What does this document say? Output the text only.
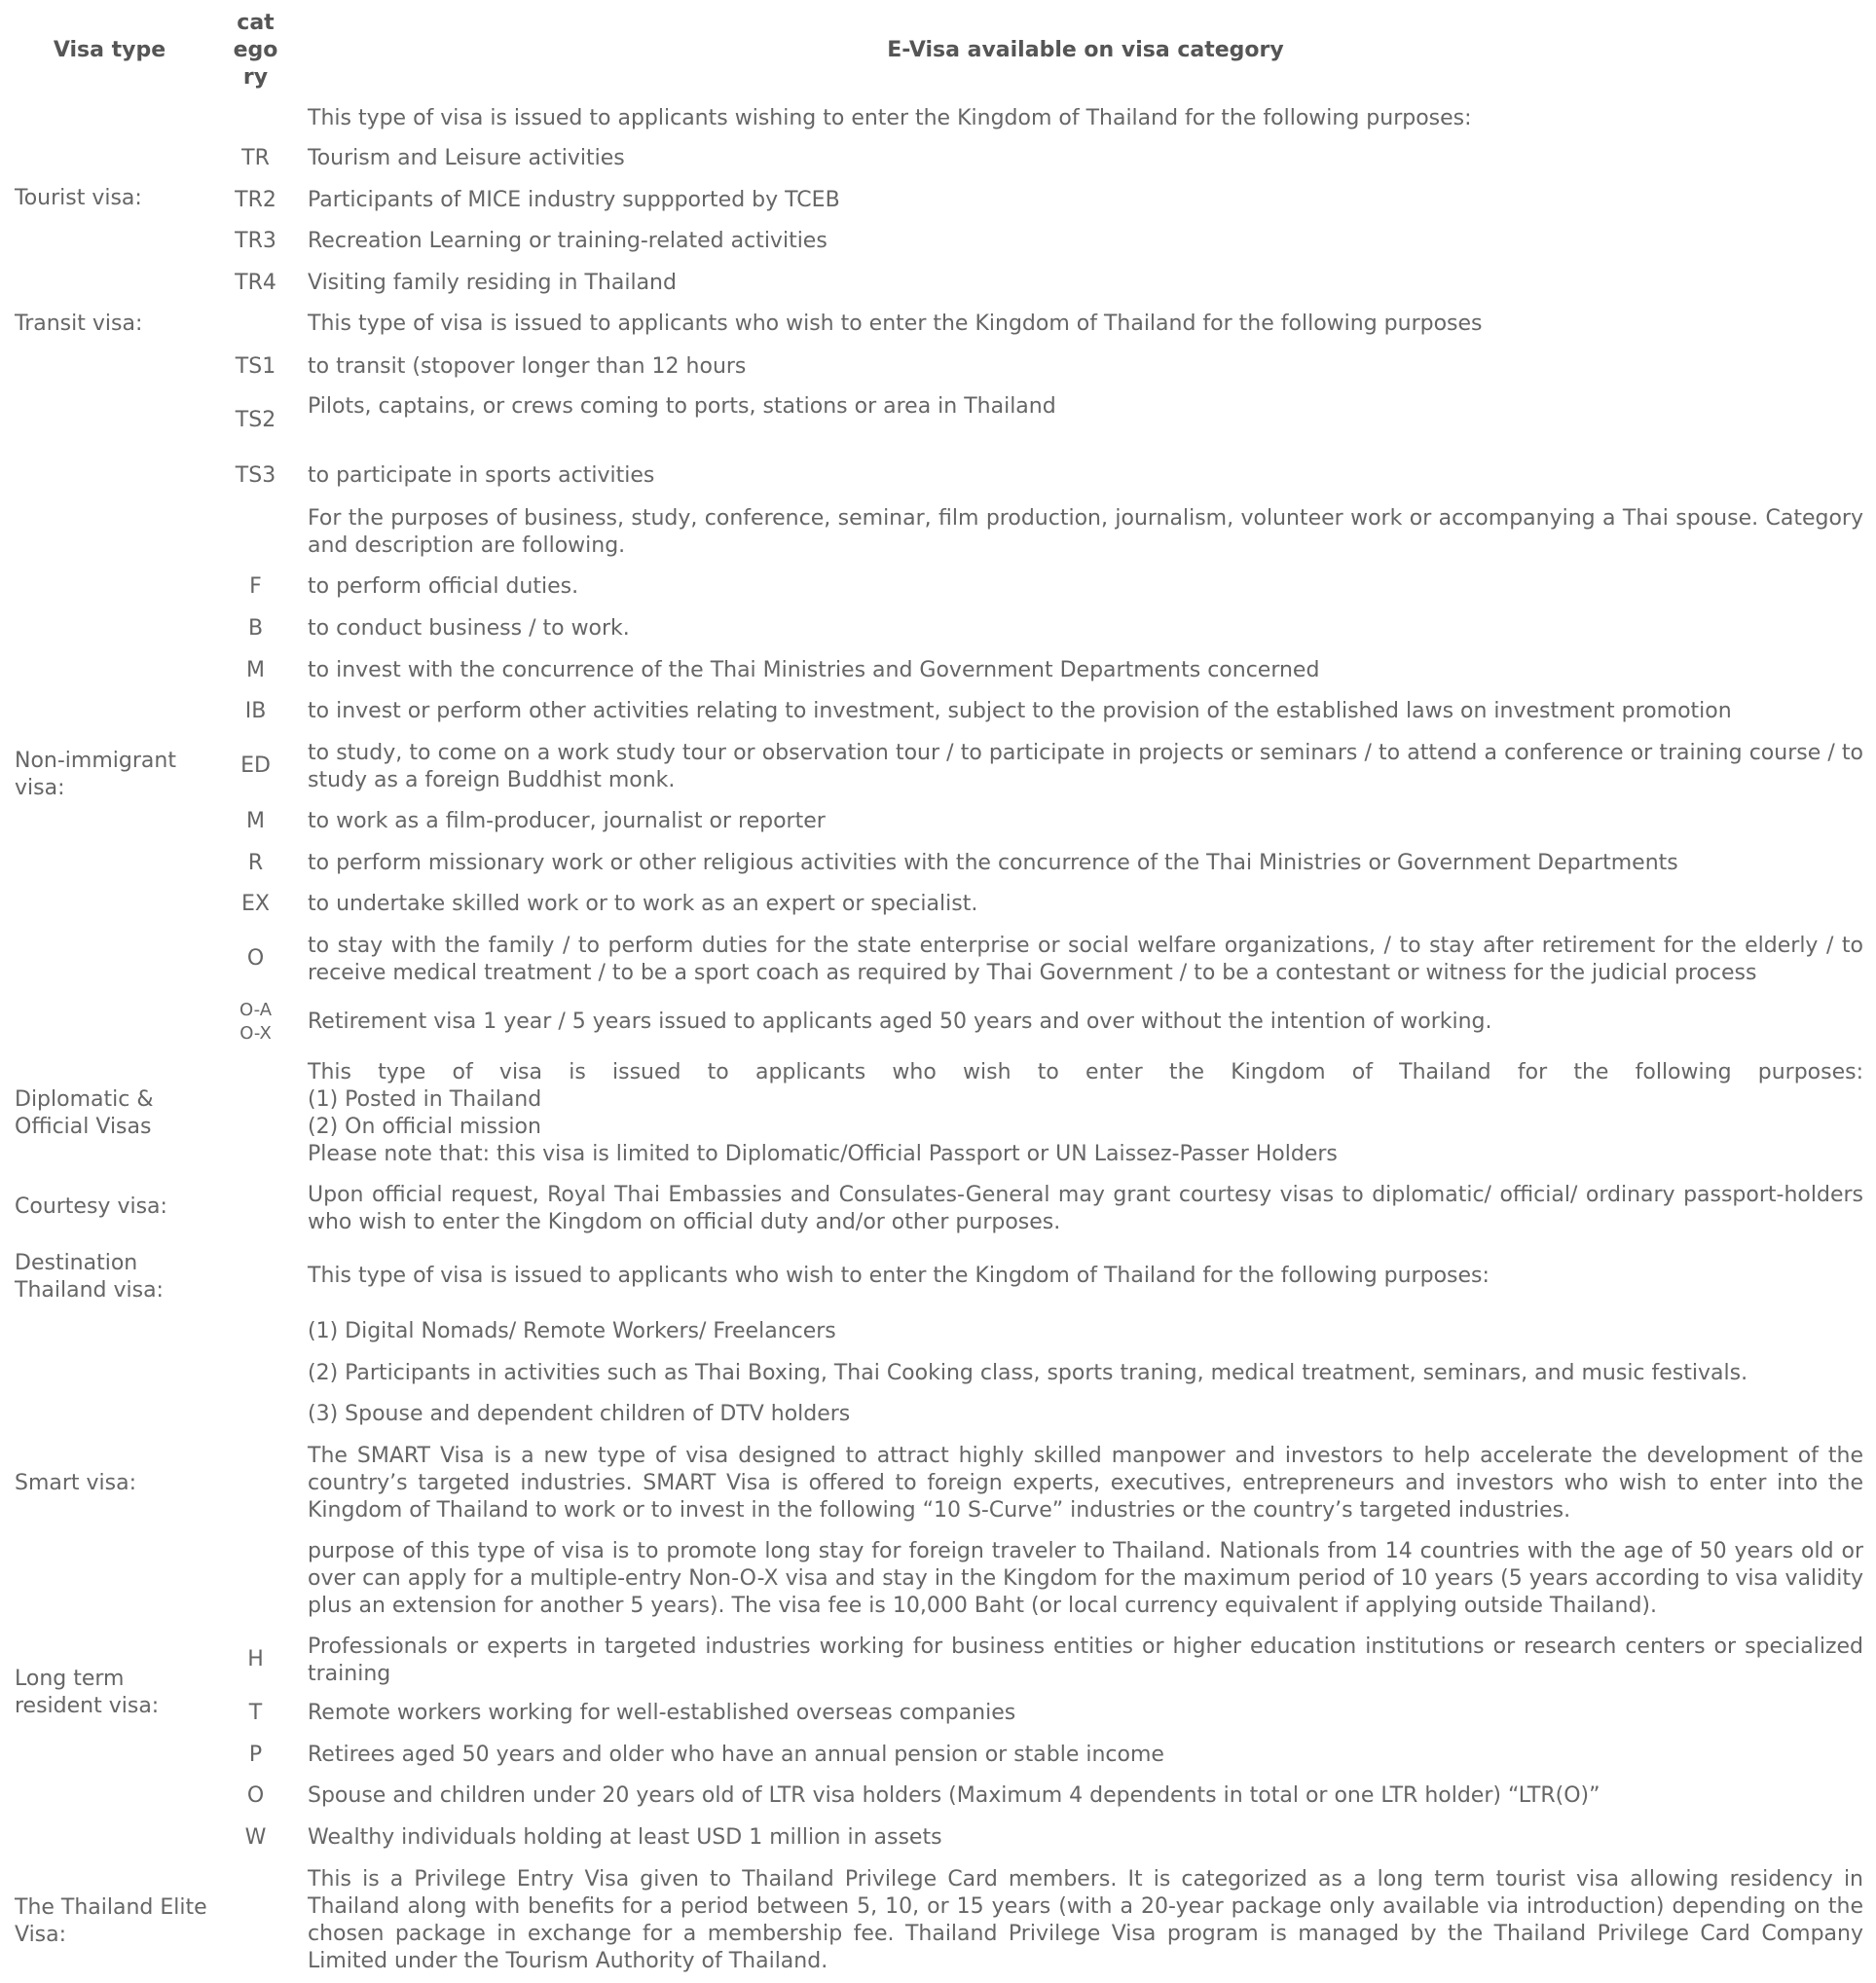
Visa type
cat
ego
ry
E-Visa available on visa category
Tourist visa:
Transit visa:
Non-immigrant
visa:
Diplomatic &
Official Visas
Courtesy visa:
Destination
Thailand visa:
Smart visa:
Long term
resident visa:
The Thailand Elite
Visa:
TR
TR2
TR3
TR4
TS1
TS2
TS3
F
B
M
IB
ED
M
R
EX
O
O-A
O-X
H
T
P
O
W
This type of visa is issued to applicants wishing to enter the Kingdom of Thailand for the following purposes:
Tourism and Leisure activities
Participants of MICE industry suppported by TCEB
Recreation Learning or training-related activities
Visiting family residing in Thailand
This type of visa is issued to applicants who wish to enter the Kingdom of Thailand for the following purposes
to transit (stopover longer than 12 hours
Pilots, captains, or crews coming to ports, stations or area in Thailand
to participate in sports activities
For the purposes of business, study, conference, seminar, film production, journalism, volunteer work or accompanying a Thai spouse. Category and description are following.
to perform official duties.
to conduct business / to work.
to invest with the concurrence of the Thai Ministries and Government Departments concerned
to invest or perform other activities relating to investment, subject to the provision of the established laws on investment promotion
to study, to come on a work study tour or observation tour / to participate in projects or seminars / to attend a conference or training course / to study as a foreign Buddhist monk.
to work as a film-producer, journalist or reporter
to perform missionary work or other religious activities with the concurrence of the Thai Ministries or Government Departments
to undertake skilled work or to work as an expert or specialist.
to stay with the family / to perform duties for the state enterprise or social welfare organizations, / to stay after retirement for the elderly / to receive medical treatment / to be a sport coach as required by Thai Government / to be a contestant or witness for the judicial process
Retirement visa 1 year / 5 years issued to applicants aged 50 years and over without the intention of working.
This type of visa is issued to applicants who wish to enter the Kingdom of Thailand for the following purposes:
(1) Posted in Thailand
(2) On official mission
Please note that: this visa is limited to Diplomatic/Official Passport or UN Laissez-Passer Holders
Upon official request, Royal Thai Embassies and Consulates-General may grant courtesy visas to diplomatic/ official/ ordinary passport-holders who wish to enter the Kingdom on official duty and/or other purposes.
This type of visa is issued to applicants who wish to enter the Kingdom of Thailand for the following purposes:
(1) Digital Nomads/ Remote Workers/ Freelancers
(2) Participants in activities such as Thai Boxing, Thai Cooking class, sports traning, medical treatment, seminars, and music festivals.
(3) Spouse and dependent children of DTV holders
The SMART Visa is a new type of visa designed to attract highly skilled manpower and investors to help accelerate the development of the country’s targeted industries. SMART Visa is offered to foreign experts, executives, entrepreneurs and investors who wish to enter into the Kingdom of Thailand to work or to invest in the following “10 S-Curve” industries or the country’s targeted industries.
purpose of this type of visa is to promote long stay for foreign traveler to Thailand. Nationals from 14 countries with the age of 50 years old or over can apply for a multiple-entry Non-O-X visa and stay in the Kingdom for the maximum period of 10 years (5 years according to visa validity plus an extension for another 5 years). The visa fee is 10,000 Baht (or local currency equivalent if applying outside Thailand).
Professionals or experts in targeted industries working for business entities or higher education institutions or research centers or specialized training
Remote workers working for well-established overseas companies
Retirees aged 50 years and older who have an annual pension or stable income
Spouse and children under 20 years old of LTR visa holders (Maximum 4 dependents in total or one LTR holder) “LTR(O)”
Wealthy individuals holding at least USD 1 million in assets
This is a Privilege Entry Visa given to Thailand Privilege Card members. It is categorized as a long term tourist visa allowing residency in Thailand along with benefits for a period between 5, 10, or 15 years (with a 20-year package only available via introduction) depending on the chosen package in exchange for a membership fee. Thailand Privilege Visa program is managed by the Thailand Privilege Card Company Limited under the Tourism Authority of Thailand.
